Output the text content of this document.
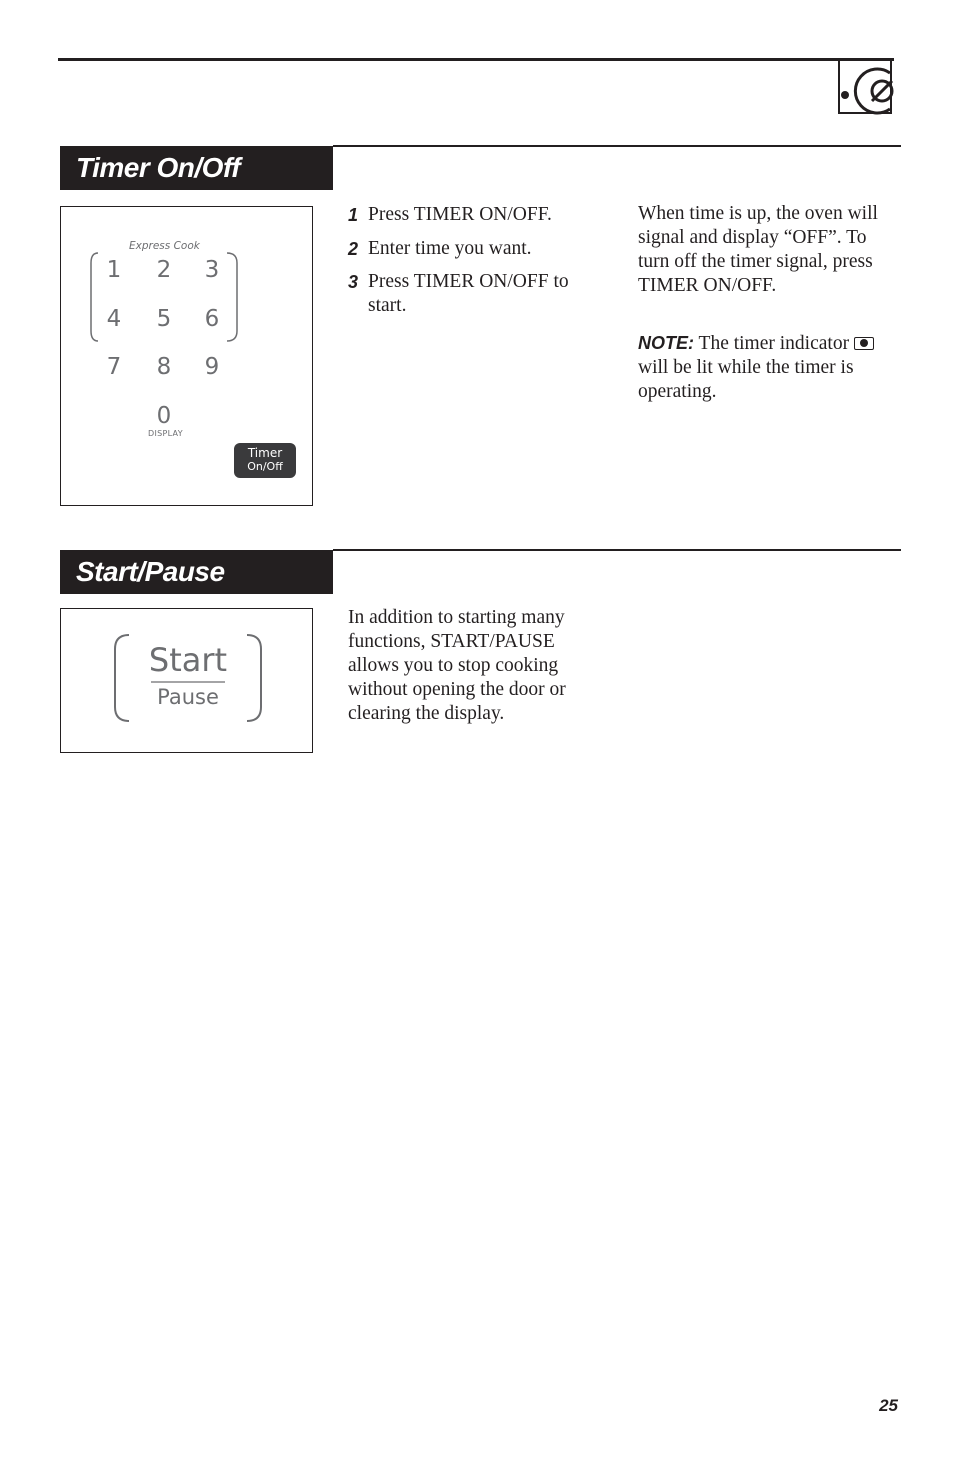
Timer On/Off
Express Cook
1	2	3
4	5	6
7	8	9
0
DISPLAY
Timer
On/Off
1 Press TIMER ON/OFF.
2 Enter time you want.
3 Press TIMER ON/OFF to start.
When time is up, the oven will signal and display “OFF”. To turn off the timer signal, press TIMER ON/OFF.
NOTE: The timer indicator will be lit while the timer is operating.
Start/Pause
Start
Pause
In addition to starting many functions, START/PAUSE allows you to stop cooking without opening the door or clearing the display.
25
